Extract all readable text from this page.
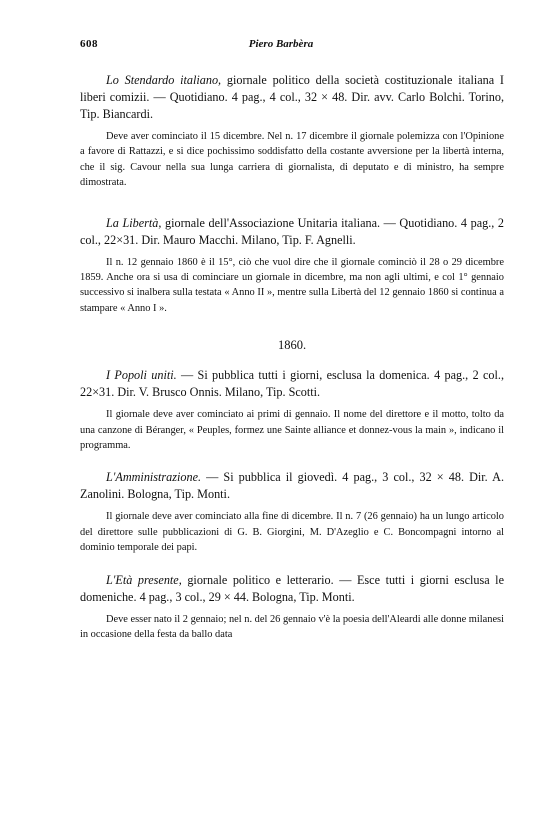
608	Piero Barbèra

Lo Stendardo italiano, giornale politico della società costituzionale italiana I liberi comizii. — Quotidiano. 4 pag., 4 col., 32 × 48. Dir. avv. Carlo Bolchi. Torino, Tip. Biancardi.

Deve aver cominciato il 15 dicembre. Nel n. 17 dicembre il giornale polemizza con l'Opinione a favore di Rattazzi, e si dice pochissimo soddisfatto della costante avversione per la libertà interna, che il sig. Cavour nella sua lunga carriera di giornalista, di deputato e di ministro, ha sempre dimostrata.

La Libertà, giornale dell'Associazione Unitaria italiana. — Quotidiano. 4 pag., 2 col., 22×31. Dir. Mauro Macchi. Milano, Tip. F. Agnelli.

Il n. 12 gennaio 1860 è il 15°, ciò che vuol dire che il giornale cominciò il 28 o 29 dicembre 1859. Anche ora si usa di cominciare un giornale in dicembre, ma non agli ultimi, e col 1° gennaio successivo si inalbera sulla testata « Anno II », mentre sulla Libertà del 12 gennaio 1860 si continua a stampare « Anno I ».

1860.

I Popoli uniti. — Si pubblica tutti i giorni, esclusa la domenica. 4 pag., 2 col., 22×31. Dir. V. Brusco Onnis. Milano, Tip. Scotti.

Il giornale deve aver cominciato ai primi di gennaio. Il nome del direttore e il motto, tolto da una canzone di Béranger, « Peuples, formez une Sainte alliance et donnez-vous la main », indicano il programma.

L'Amministrazione. — Si pubblica il giovedì. 4 pag., 3 col., 32 × 48. Dir. A. Zanolini. Bologna, Tip. Monti.

Il giornale deve aver cominciato alla fine di dicembre. Il n. 7 (26 gennaio) ha un lungo articolo del direttore sulle pubblicazioni di G. B. Giorgini, M. D'Azeglio e C. Boncompagni intorno al dominio temporale dei papi.

L'Età presente, giornale politico e letterario. — Esce tutti i giorni esclusa le domeniche. 4 pag., 3 col., 29 × 44. Bologna, Tip. Monti.

Deve esser nato il 2 gennaio; nel n. del 26 gennaio v'è la poesia dell'Aleardi alle donne milanesi in occasione della festa da ballo data
